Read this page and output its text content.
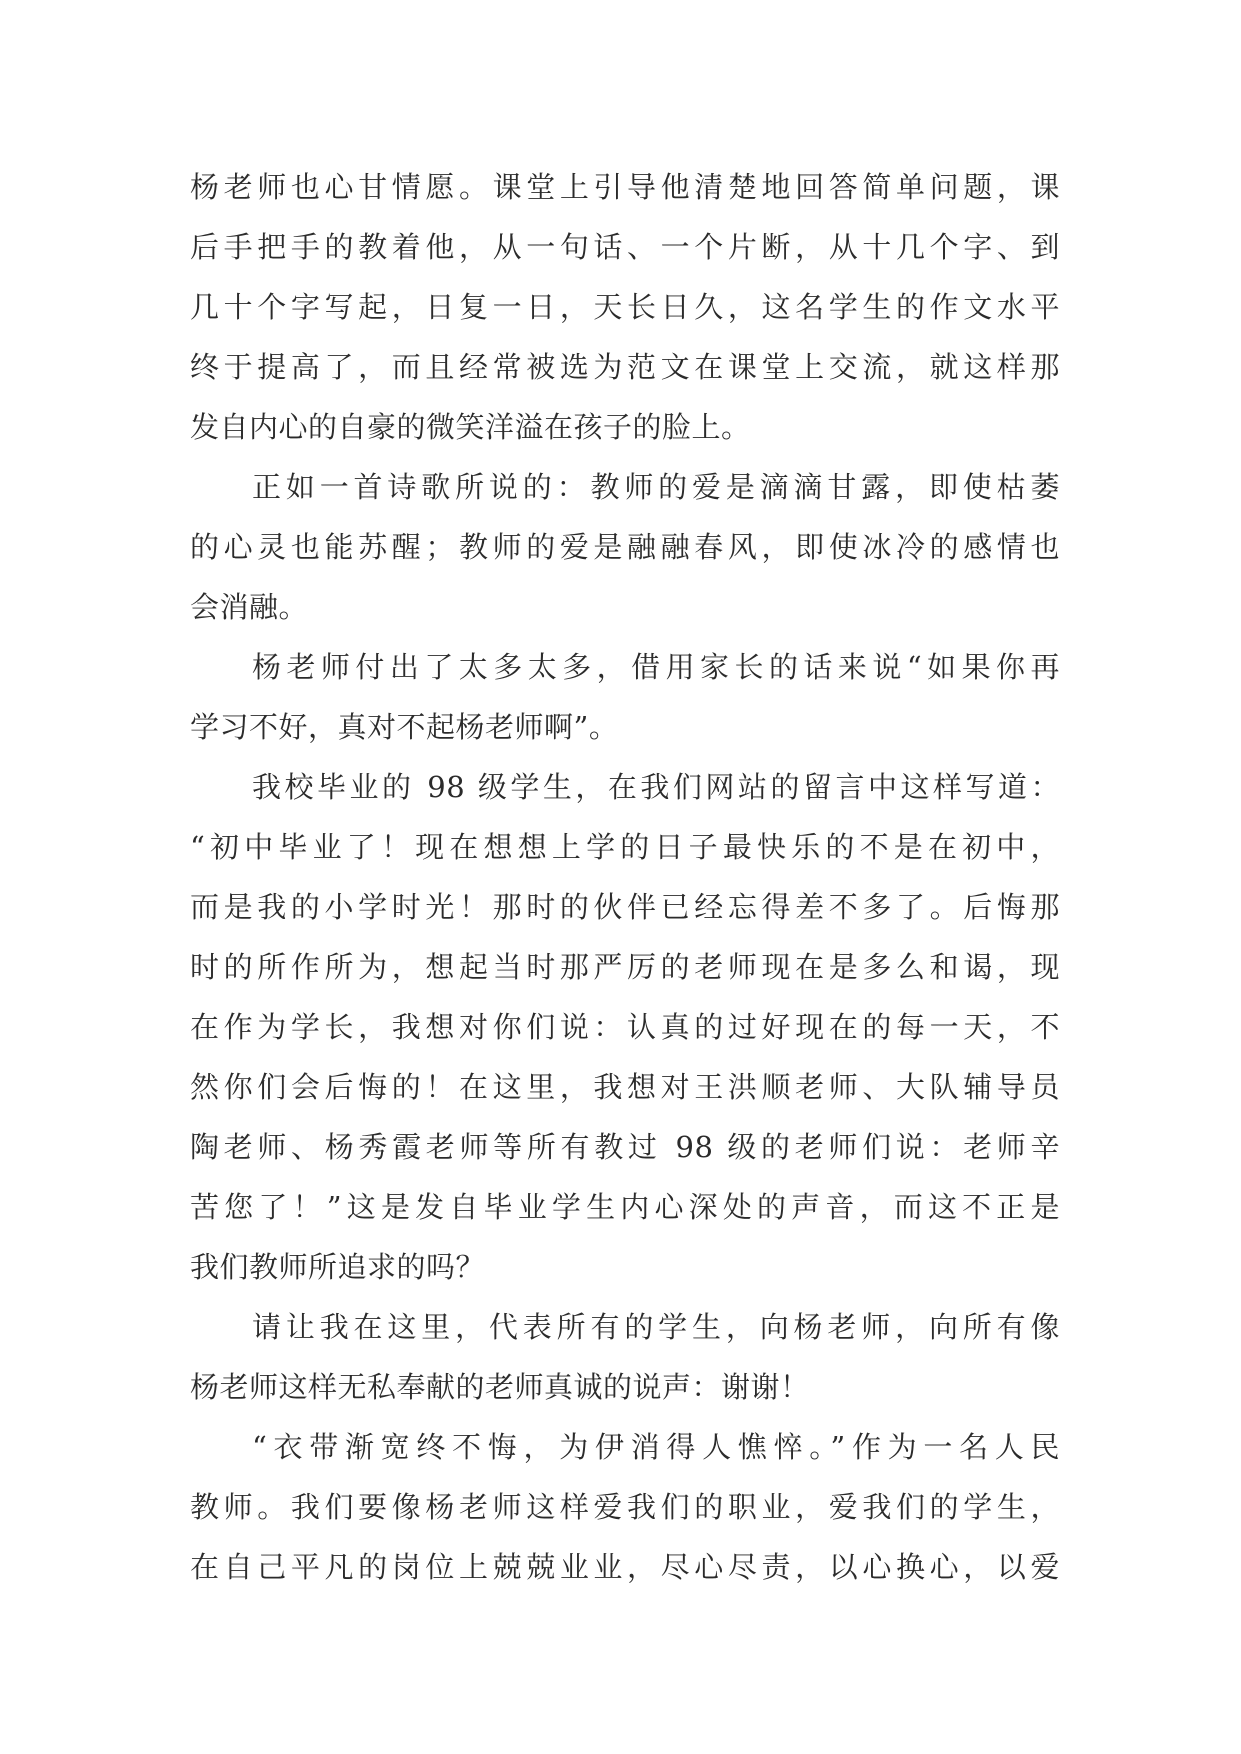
杨老师也心甘情愿。课堂上引导他清楚地回答简单问题，课
后手把手的教着他，从一句话、一个片断，从十几个字、到
几十个字写起，日复一日，天长日久，这名学生的作文水平
终于提高了，而且经常被选为范文在课堂上交流，就这样那
发自内心的自豪的微笑洋溢在孩子的脸上。
正如一首诗歌所说的：教师的爱是滴滴甘露，即使枯萎
的心灵也能苏醒；教师的爱是融融春风，即使冰冷的感情也
会消融。
杨老师付出了太多太多，借用家长的话来说“如果你再
学习不好，真对不起杨老师啊”。
我校毕业的 98 级学生，在我们网站的留言中这样写道：
“初中毕业了！现在想想上学的日子最快乐的不是在初中，
而是我的小学时光！那时的伙伴已经忘得差不多了。后悔那
时的所作所为，想起当时那严厉的老师现在是多么和谒，现
在作为学长，我想对你们说：认真的过好现在的每一天，不
然你们会后悔的！在这里，我想对王洪顺老师、大队辅导员
陶老师、杨秀霞老师等所有教过 98 级的老师们说：老师辛
苦您了！”这是发自毕业学生内心深处的声音，而这不正是
我们教师所追求的吗？
请让我在这里，代表所有的学生，向杨老师，向所有像
杨老师这样无私奉献的老师真诚的说声：谢谢！
“衣带渐宽终不悔，为伊消得人憔悴。”作为一名人民
教师。我们要像杨老师这样爱我们的职业，爱我们的学生，
在自己平凡的岗位上兢兢业业，尽心尽责，以心换心，以爱
